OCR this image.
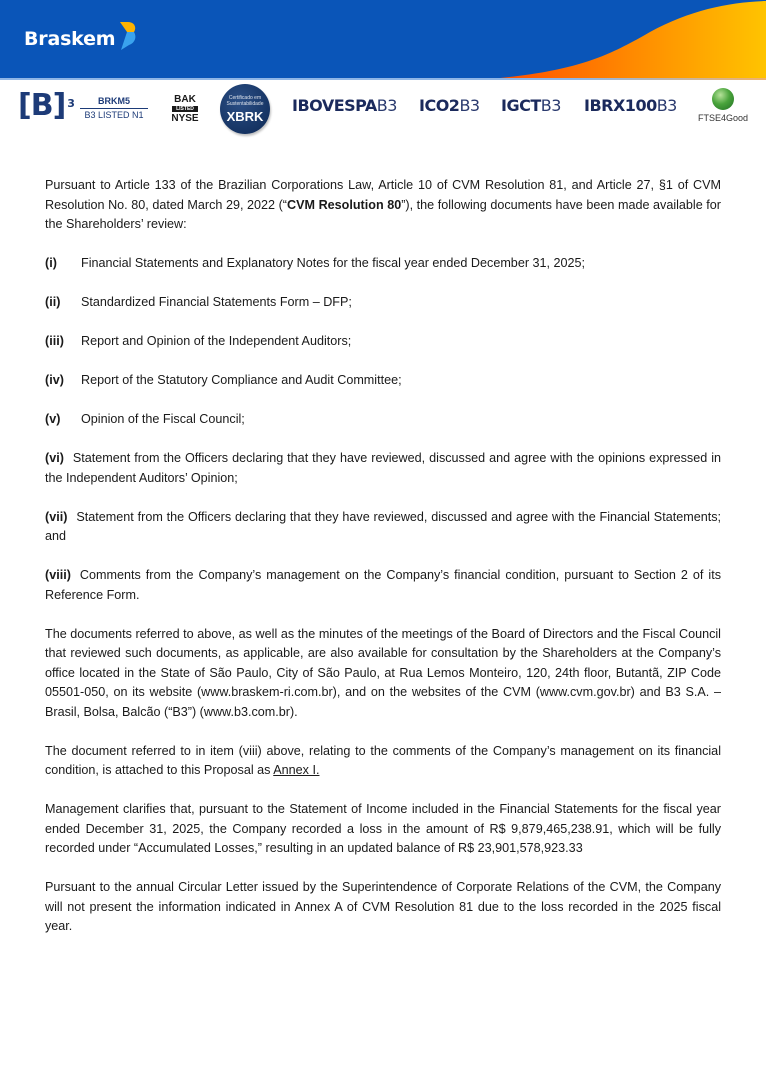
Braskem
[B] $^3$	BRKM5
B3 LISTED N1
BAK
LISTED
NYSE
Certificado em Sustentabilidade
XBRK
IBOVESPAB3 ICO2B3 IGCTB3 IBRX100B3
FTSE4Good

Pursuant to Article 133 of the Brazilian Corporations Law, Article 10 of CVM Resolution 81, and Article 27, §1 of CVM Resolution No. 80, dated March 29, 2022 (“CVM Resolution 80”), the following documents have been made available for the Shareholders’ review:

(i) Financial Statements and Explanatory Notes for the fiscal year ended December 31, 2025;

(ii) Standardized Financial Statements Form – DFP;

(iii) Report and Opinion of the Independent Auditors;

(iv) Report of the Statutory Compliance and Audit Committee;

(v) Opinion of the Fiscal Council;

(vi) Statement from the Officers declaring that they have reviewed, discussed and agree with the opinions expressed in the Independent Auditors’ Opinion;

(vii) Statement from the Officers declaring that they have reviewed, discussed and agree with the Financial Statements; and

(viii) Comments from the Company’s management on the Company’s financial condition, pursuant to Section 2 of its Reference Form.

The documents referred to above, as well as the minutes of the meetings of the Board of Directors and the Fiscal Council that reviewed such documents, as applicable, are also available for consultation by the Shareholders at the Company’s office located in the State of São Paulo, City of São Paulo, at Rua Lemos Monteiro, 120, 24th floor, Butantã, ZIP Code 05501-050, on its website (www.braskem-ri.com.br), and on the websites of the CVM (www.cvm.gov.br) and B3 S.A. – Brasil, Bolsa, Balcão (“B3”) (www.b3.com.br).

The document referred to in item (viii) above, relating to the comments of the Company’s management on its financial condition, is attached to this Proposal as Annex I.

Management clarifies that, pursuant to the Statement of Income included in the Financial Statements for the fiscal year ended December 31, 2025, the Company recorded a loss in the amount of R$ 9,879,465,238.91, which will be fully recorded under “Accumulated Losses,” resulting in an updated balance of R$ 23,901,578,923.33

Pursuant to the annual Circular Letter issued by the Superintendence of Corporate Relations of the CVM, the Company will not present the information indicated in Annex A of CVM Resolution 81 due to the loss recorded in the 2025 fiscal year.
